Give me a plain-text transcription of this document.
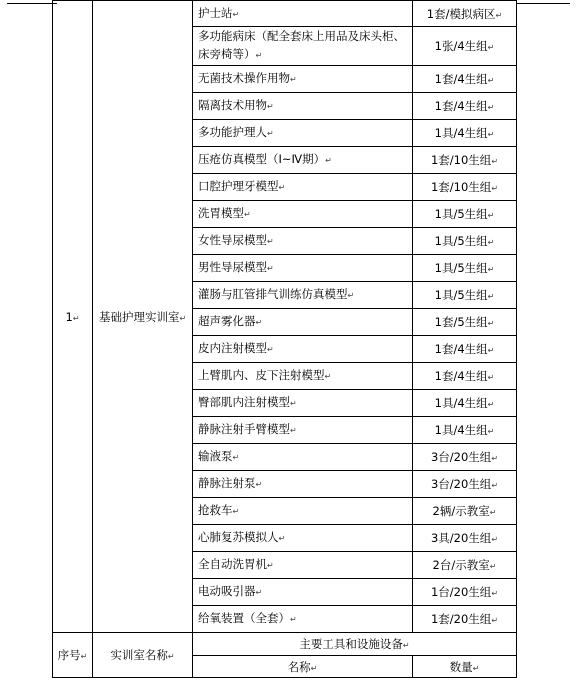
1↵	基础护理实训室↵	护士站↵	1套/模拟病区↵
		多功能病床（配全套床上用品及床头柜、床旁椅等）↵	1张/4生组↵
		无菌技术操作用物↵	1套/4生组↵
		隔离技术用物↵	1套/4生组↵
		多功能护理人↵	1具/4生组↵
		压疮仿真模型（Ⅰ~Ⅳ期）↵	1套/10生组↵
		口腔护理牙模型↵	1套/10生组↵
		洗胃模型↵	1具/5生组↵
		女性导尿模型↵	1具/5生组↵
		男性导尿模型↵	1具/5生组↵
		灌肠与肛管排气训练仿真模型↵	1具/5生组↵
		超声雾化器↵	1套/5生组↵
		皮内注射模型↵	1套/4生组↵
		上臂肌内、皮下注射模型↵	1套/4生组↵
		臀部肌内注射模型↵	1具/4生组↵
		静脉注射手臂模型↵	1具/4生组↵
		输液泵↵	3台/20生组↵
		静脉注射泵↵	3台/20生组↵
		抢救车↵	2辆/示教室↵
		心肺复苏模拟人↵	3具/20生组↵
		全自动洗胃机↵	2台/示教室↵
		电动吸引器↵	1台/20生组↵
		给氧装置（全套）↵	1套/20生组↵
序号↵	实训室名称↵	主要工具和设施设备↵	
		名称↵	数量↵
